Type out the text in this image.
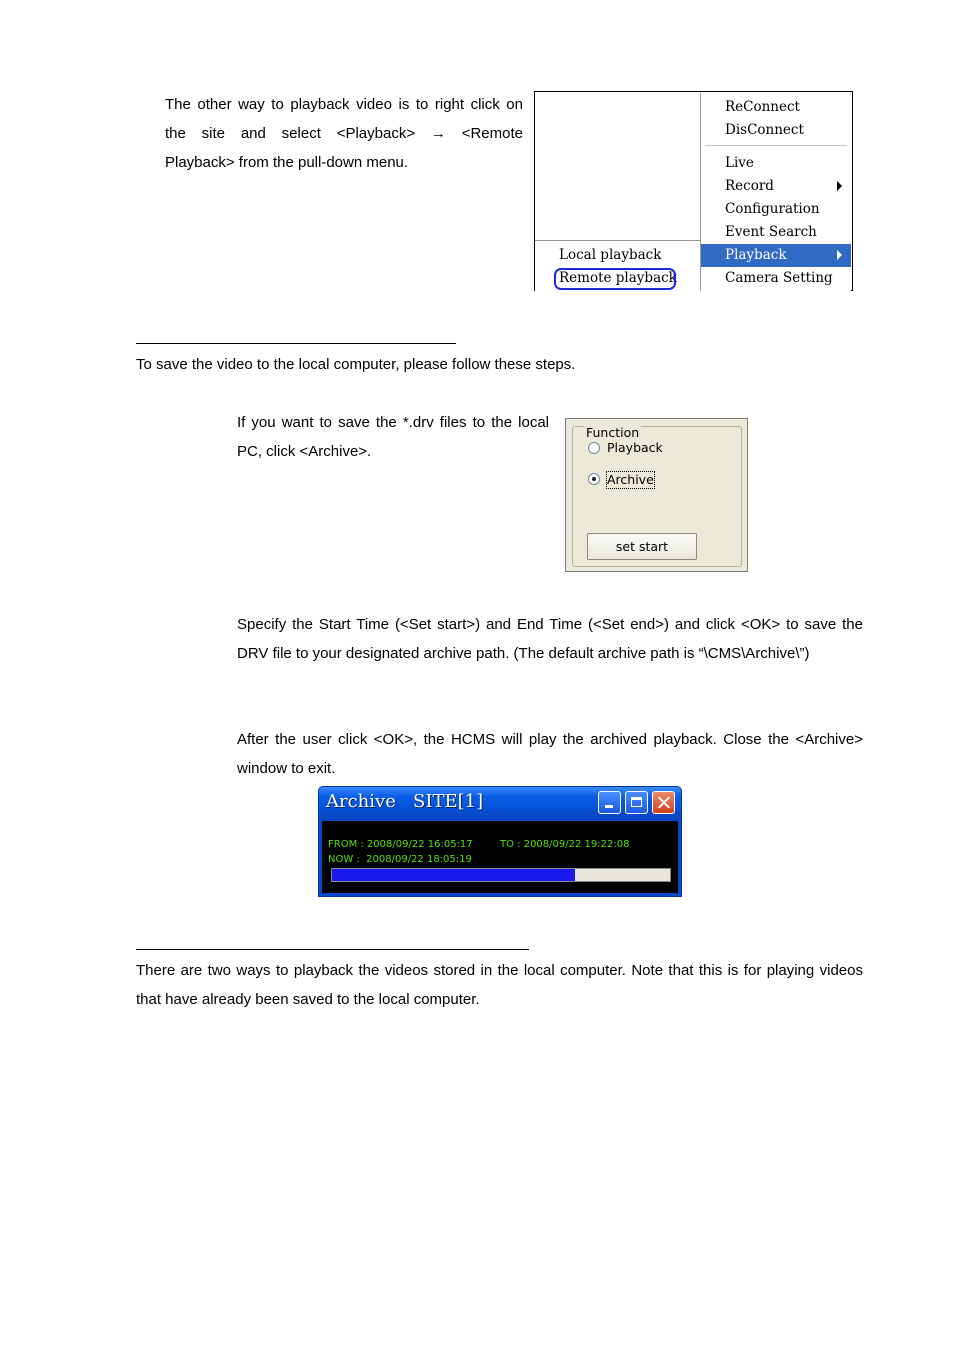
The other way to playback video is to right click on the site and select <Playback> → <Remote Playback> from the pull-down menu.

ReConnect
DisConnect
Live
Record
Configuration
Event Search
Playback
Camera Setting
Local playback
Remote playback

To save the video to the local computer, please follow these steps.

If you want to save the *.drv files to the local PC, click <Archive>.

Function
Playback
Archive
set start

Specify the Start Time (<Set start>) and End Time (<Set end>) and click <OK> to save the DRV file to your designated archive path. (The default archive path is “\CMS\Archive\”)

After the user click <OK>, the HCMS will play the archived playback. Close the <Archive> window to exit.

Archive   SITE[1]
FROM : 2008/09/22 16:05:17	TO : 2008/09/22 19:22:08
NOW :  2008/09/22 18:05:19

There are two ways to playback the videos stored in the local computer. Note that this is for playing videos that have already been saved to the local computer.
